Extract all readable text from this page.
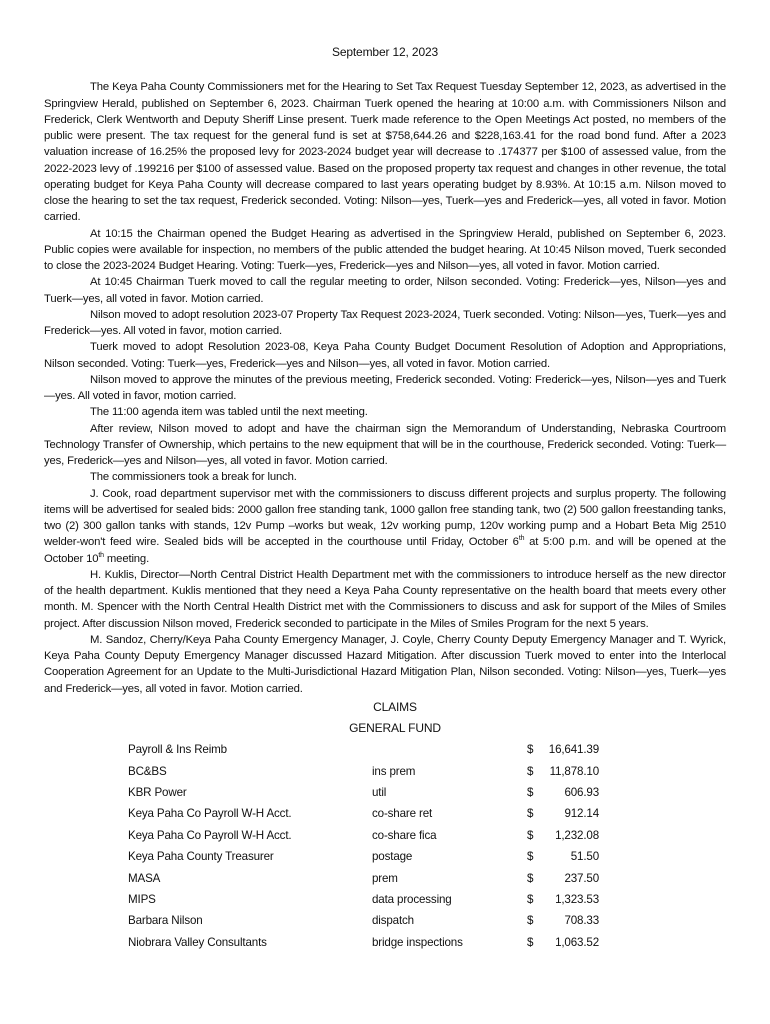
September 12, 2023

The Keya Paha County Commissioners met for the Hearing to Set Tax Request Tuesday September 12, 2023, as advertised in the Springview Herald, published on September 6, 2023. Chairman Tuerk opened the hearing at 10:00 a.m. with Commissioners Nilson and Frederick, Clerk Wentworth and Deputy Sheriff Linse present. Tuerk made reference to the Open Meetings Act posted, no members of the public were present. The tax request for the general fund is set at $758,644.26 and $228,163.41 for the road bond fund. After a 2023 valuation increase of 16.25% the proposed levy for 2023-2024 budget year will decrease to .174377 per $100 of assessed value, from the 2022-2023 levy of .199216 per $100 of assessed value. Based on the proposed property tax request and changes in other revenue, the total operating budget for Keya Paha County will decrease compared to last years operating budget by 8.93%. At 10:15 a.m. Nilson moved to close the hearing to set the tax request, Frederick seconded. Voting: Nilson—yes, Tuerk—yes and Frederick—yes, all voted in favor. Motion carried.

At 10:15 the Chairman opened the Budget Hearing as advertised in the Springview Herald, published on September 6, 2023. Public copies were available for inspection, no members of the public attended the budget hearing. At 10:45 Nilson moved, Tuerk seconded to close the 2023-2024 Budget Hearing. Voting: Tuerk—yes, Frederick—yes and Nilson—yes, all voted in favor. Motion carried.

At 10:45 Chairman Tuerk moved to call the regular meeting to order, Nilson seconded. Voting: Frederick—yes, Nilson—yes and Tuerk—yes, all voted in favor. Motion carried.

Nilson moved to adopt resolution 2023-07 Property Tax Request 2023-2024, Tuerk seconded. Voting: Nilson—yes, Tuerk—yes and Frederick—yes. All voted in favor, motion carried.

Tuerk moved to adopt Resolution 2023-08, Keya Paha County Budget Document Resolution of Adoption and Appropriations, Nilson seconded. Voting: Tuerk—yes, Frederick—yes and Nilson—yes, all voted in favor. Motion carried.

Nilson moved to approve the minutes of the previous meeting, Frederick seconded. Voting: Frederick—yes, Nilson—yes and Tuerk—yes. All voted in favor, motion carried.

The 11:00 agenda item was tabled until the next meeting.

After review, Nilson moved to adopt and have the chairman sign the Memorandum of Understanding, Nebraska Courtroom Technology Transfer of Ownership, which pertains to the new equipment that will be in the courthouse, Frederick seconded. Voting: Tuerk—yes, Frederick—yes and Nilson—yes, all voted in favor. Motion carried.

The commissioners took a break for lunch.

J. Cook, road department supervisor met with the commissioners to discuss different projects and surplus property. The following items will be advertised for sealed bids: 2000 gallon free standing tank, 1000 gallon free standing tank, two (2) 500 gallon freestanding tanks, two (2) 300 gallon tanks with stands, 12v Pump –works but weak, 12v working pump, 120v working pump and a Hobart Beta Mig 2510 welder-won't feed wire. Sealed bids will be accepted in the courthouse until Friday, October 6th at 5:00 p.m. and will be opened at the October 10th meeting.

H. Kuklis, Director—North Central District Health Department met with the commissioners to introduce herself as the new director of the health department. Kuklis mentioned that they need a Keya Paha County representative on the health board that meets every other month. M. Spencer with the North Central Health District met with the Commissioners to discuss and ask for support of the Miles of Smiles project. After discussion Nilson moved, Frederick seconded to participate in the Miles of Smiles Program for the next 5 years.

M. Sandoz, Cherry/Keya Paha County Emergency Manager, J. Coyle, Cherry County Deputy Emergency Manager and T. Wyrick, Keya Paha County Deputy Emergency Manager discussed Hazard Mitigation. After discussion Tuerk moved to enter into the Interlocal Cooperation Agreement for an Update to the Multi-Jurisdictional Hazard Mitigation Plan, Nilson seconded. Voting: Nilson—yes, Tuerk—yes and Frederick—yes, all voted in favor. Motion carried.

CLAIMS

GENERAL FUND

Payroll & Ins Reimb		$	16,641.39
BC&BS	ins prem	$	11,878.10
KBR Power	util	$	606.93
Keya Paha Co Payroll W-H Acct.	co-share ret	$	912.14
Keya Paha Co Payroll W-H Acct.	co-share fica	$	1,232.08
Keya Paha County Treasurer	postage	$	51.50
MASA	prem	$	237.50
MIPS	data processing	$	1,323.53
Barbara Nilson	dispatch	$	708.33
Niobrara Valley Consultants	bridge inspections	$	1,063.52
